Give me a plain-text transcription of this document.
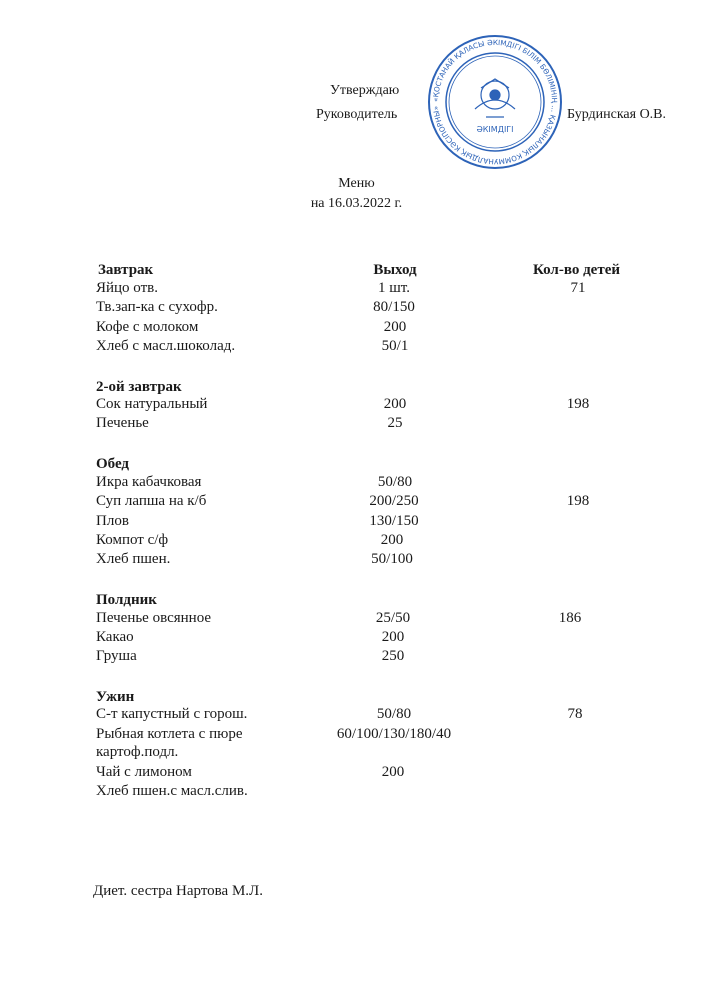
Утверждаю
Руководитель	Бурдинская О.В.
«ҚОСТАНАЙ ҚАЛАСЫ ӘКІМДІГІ БІЛІМ БӨЛІМІНІҢ ... ҚАЗЫНАЛЫҚ КОММУНАЛДЫҚ КӘСІПОРНЫ»
ӘКІМДІГІ
Меню
на 16.03.2022 г.
Завтрак	Выход	Кол-во детей
Яйцо отв.	1 шт.	71
Тв.зап-ка с сухофр.	80/150
Кофе с молоком	200
Хлеб с масл.шоколад.	50/1
2-ой завтрак
Сок натуральный	200	198
Печенье	25
Обед
Икра кабачковая	50/80
Суп лапша на к/б	200/250	198
Плов	130/150
Компот с/ф	200
Хлеб пшен.	50/100
Полдник
Печенье овсянное	25/50	186
Какао	200
Груша	250
Ужин
С-т капустный с горош.	50/80	78
Рыбная котлета с пюре	60/100/130/180/40
картоф.подл.
Чай с лимоном	200
Хлеб пшен.с масл.слив.
Диет. сестра Нартова М.Л.
